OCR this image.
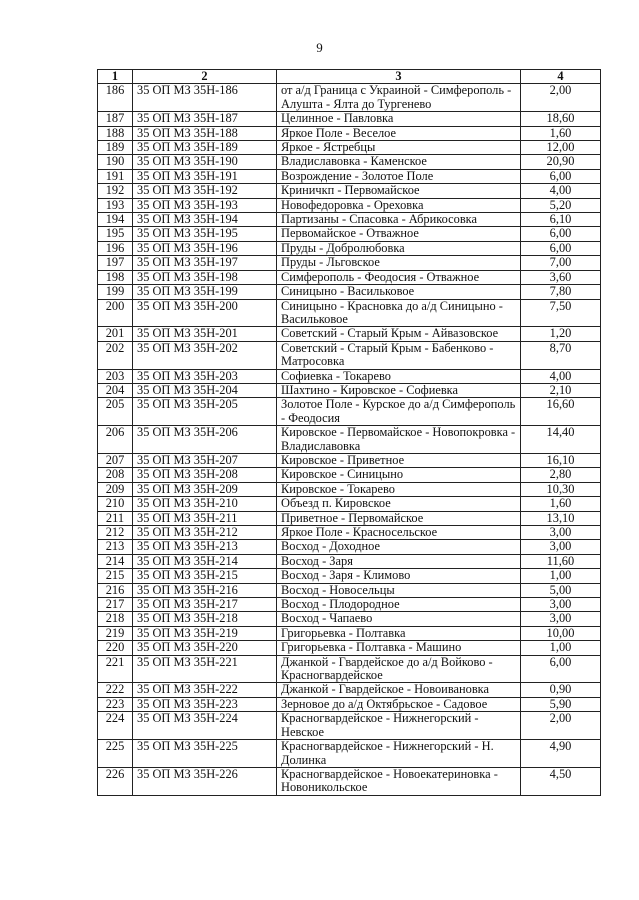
9
1	2	3	4
186	35 ОП МЗ 35Н-186	от а/д Граница с Украиной - Симферополь - Алушта - Ялта до Тургенево	2,00
187	35 ОП МЗ 35Н-187	Целинное - Павловка	18,60
188	35 ОП МЗ 35Н-188	Яркое Поле - Веселое	1,60
189	35 ОП МЗ 35Н-189	Яркое - Ястребцы	12,00
190	35 ОП МЗ 35Н-190	Владиславовка - Каменское	20,90
191	35 ОП МЗ 35Н-191	Возрождение - Золотое Поле	6,00
192	35 ОП МЗ 35Н-192	Криничкп - Первомайское	4,00
193	35 ОП МЗ 35Н-193	Новофедоровка - Ореховка	5,20
194	35 ОП МЗ 35Н-194	Партизаны - Спасовка - Абрикосовка	6,10
195	35 ОП МЗ 35Н-195	Первомайское - Отважное	6,00
196	35 ОП МЗ 35Н-196	Пруды - Добролюбовка	6,00
197	35 ОП МЗ 35Н-197	Пруды - Льговское	7,00
198	35 ОП МЗ 35Н-198	Симферополь - Феодосия - Отважное	3,60
199	35 ОП МЗ 35Н-199	Синицыно - Васильковое	7,80
200	35 ОП МЗ 35Н-200	Синицыно - Красновка до а/д Синицыно - Васильковое	7,50
201	35 ОП МЗ 35Н-201	Советский - Старый Крым - Айвазовское	1,20
202	35 ОП МЗ 35Н-202	Советский - Старый Крым - Бабенково - Матросовка	8,70
203	35 ОП МЗ 35Н-203	Софиевка - Токарево	4,00
204	35 ОП МЗ 35Н-204	Шахтино - Кировское - Софиевка	2,10
205	35 ОП МЗ 35Н-205	Золотое Поле - Курское до а/д Симферополь - Феодосия	16,60
206	35 ОП МЗ 35Н-206	Кировское - Первомайское - Новопокровка - Владиславовка	14,40
207	35 ОП МЗ 35Н-207	Кировское - Приветное	16,10
208	35 ОП МЗ 35Н-208	Кировское - Синицыно	2,80
209	35 ОП МЗ 35Н-209	Кировское - Токарево	10,30
210	35 ОП МЗ 35Н-210	Объезд п. Кировское	1,60
211	35 ОП МЗ 35Н-211	Приветное - Первомайское	13,10
212	35 ОП МЗ 35Н-212	Яркое Поле - Красносельское	3,00
213	35 ОП МЗ 35Н-213	Восход - Доходное	3,00
214	35 ОП МЗ 35Н-214	Восход - Заря	11,60
215	35 ОП МЗ 35Н-215	Восход - Заря - Климово	1,00
216	35 ОП МЗ 35Н-216	Восход - Новосельцы	5,00
217	35 ОП МЗ 35Н-217	Восход - Плодородное	3,00
218	35 ОП МЗ 35Н-218	Восход - Чапаево	3,00
219	35 ОП МЗ 35Н-219	Григорьевка - Полтавка	10,00
220	35 ОП МЗ 35Н-220	Григорьевка - Полтавка - Машино	1,00
221	35 ОП МЗ 35Н-221	Джанкой - Гвардейское до а/д Войково - Красногвардейское	6,00
222	35 ОП МЗ 35Н-222	Джанкой - Гвардейское - Новоивановка	0,90
223	35 ОП МЗ 35Н-223	Зерновое до а/д Октябрьское - Садовое	5,90
224	35 ОП МЗ 35Н-224	Красногвардейское - Нижнегорский - Невское	2,00
225	35 ОП МЗ 35Н-225	Красногвардейское - Нижнегорский - Н. Долинка	4,90
226	35 ОП МЗ 35Н-226	Красногвардейское - Новоекатериновка - Новоникольское	4,50
